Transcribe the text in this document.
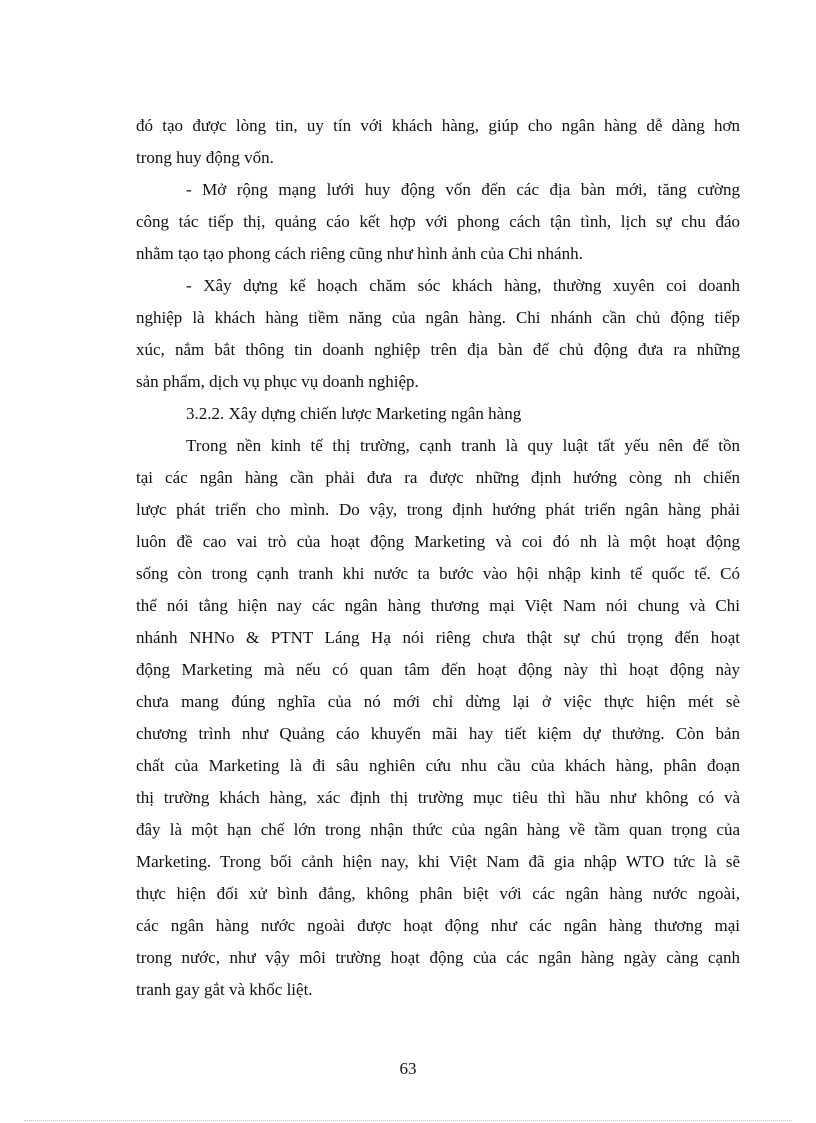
đó tạo được lòng tin, uy tín với khách hàng, giúp cho ngân hàng dễ dàng hơn
trong huy động vốn.
- Mở rộng mạng lưới huy động vốn đến các địa bàn mới, tăng cường
công tác tiếp thị, quảng cáo kết hợp với phong cách tận tình, lịch sự chu đáo
nhằm tạo tạo phong cách riêng cũng như hình ảnh của Chi nhánh.
- Xây dựng kế hoạch chăm sóc khách hàng, thường xuyên coi doanh
nghiệp là khách hàng tiềm năng của ngân hàng. Chi nhánh cần chủ động tiếp
xúc, nắm bắt thông tin doanh nghiệp trên địa bàn để chủ động đưa ra những
sản phẩm, dịch vụ phục vụ doanh nghiệp.
3.2.2. Xây dựng chiến lược Marketing ngân hàng
Trong nền kinh tế thị trường, cạnh tranh là quy luật tất yếu nên để tồn
tại các ngân hàng cần phải đưa ra được những định hướng còng nh chiến
lược phát triển cho mình. Do vậy, trong định hướng phát triển ngân hàng phải
luôn đề cao vai trò của hoạt động Marketing và coi đó nh là một hoạt động
sống còn trong cạnh tranh khi nước ta bước vào hội nhập kinh tế quốc tế. Có
thể nói tằng hiện nay các ngân hàng thương mại Việt Nam nói chung và Chi
nhánh NHNo & PTNT Láng Hạ nói riêng chưa thật sự chú trọng đến hoạt
động Marketing mà nếu có quan tâm đến hoạt động này thì hoạt động này
chưa mang đúng nghĩa của nó mới chỉ dừng lại ở việc thực hiện mét sè
chương trình như Quảng cáo khuyến mãi hay tiết kiệm dự thưởng. Còn bản
chất của Marketing là đi sâu nghiên cứu nhu cầu của khách hàng, phân đoạn
thị trường khách hàng, xác định thị trường mục tiêu thì hầu như không có và
đây là một hạn chế lớn trong nhận thức của ngân hàng về tầm quan trọng của
Marketing. Trong bối cảnh hiện nay, khi Việt Nam đã gia nhập WTO tức là sẽ
thực hiện đối xử bình đẳng, không phân biệt với các ngân hàng nước ngoài,
các ngân hàng nước ngoài được hoạt động như các ngân hàng thương mại
trong nước, như vậy môi trường hoạt động của các ngân hàng ngày càng cạnh
tranh gay gắt và khốc liệt.
63
